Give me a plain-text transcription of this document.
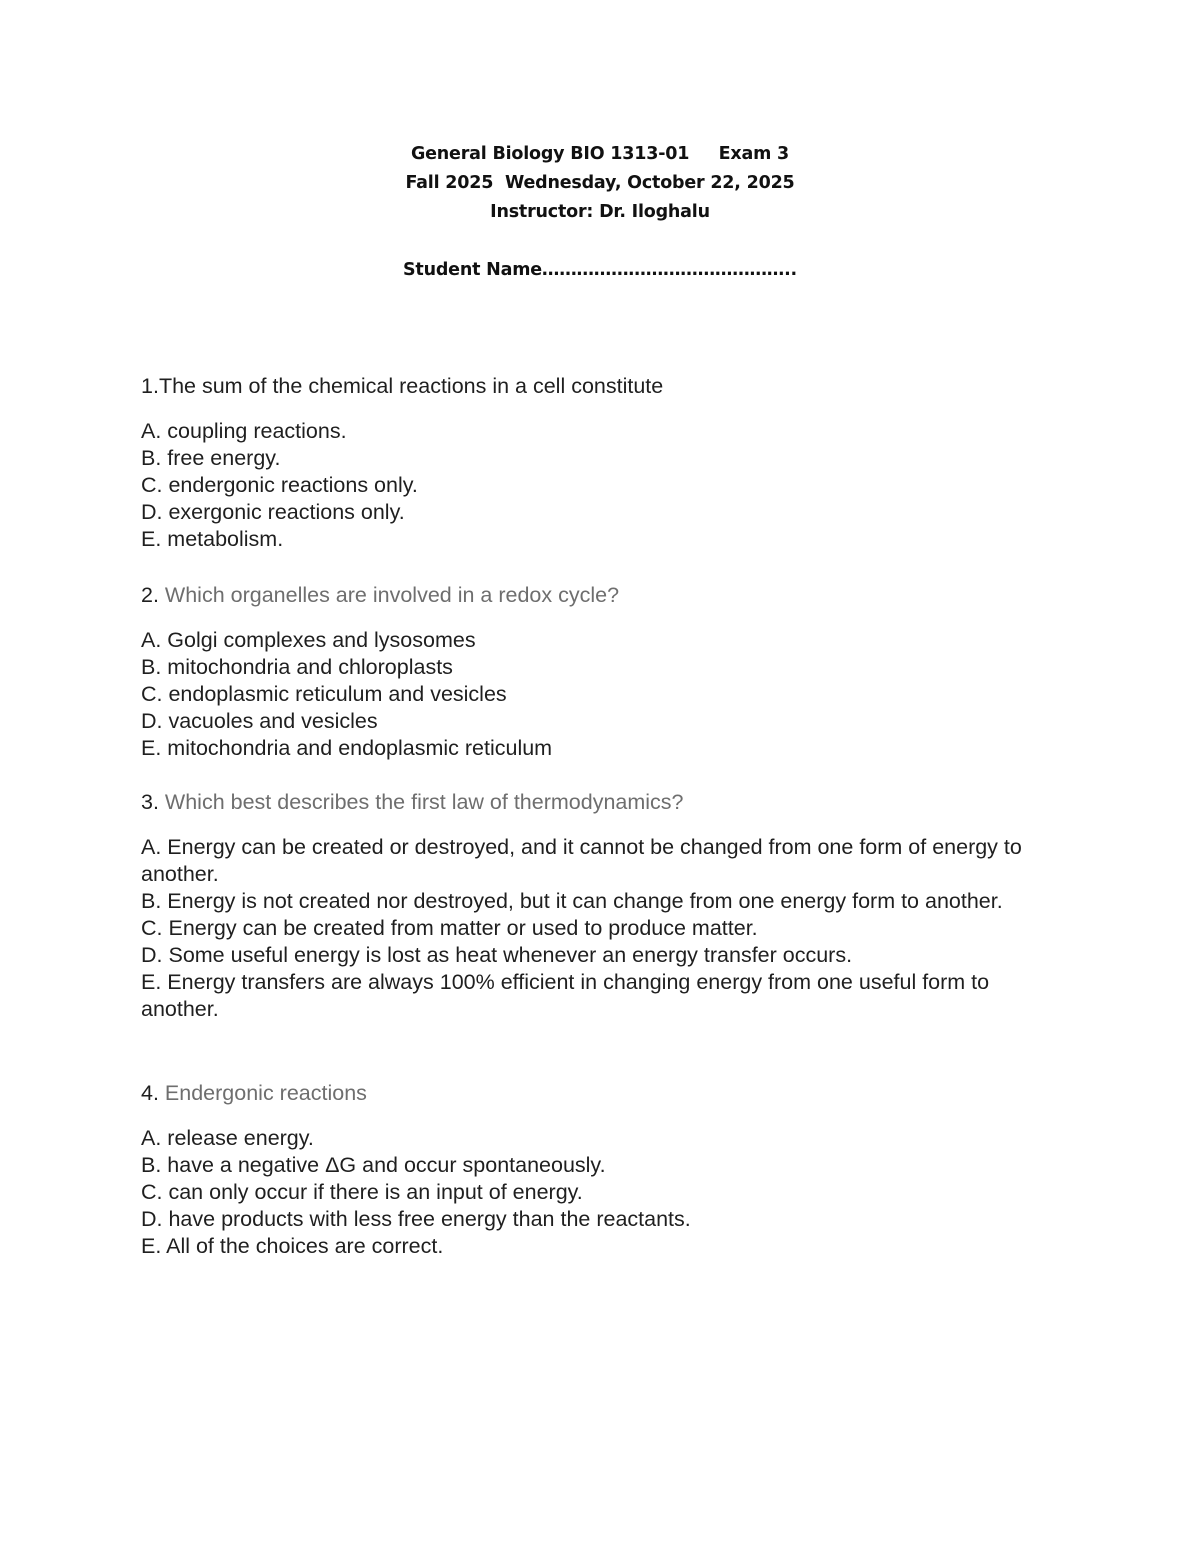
General Biology BIO 1313-01     Exam 3
Fall 2025  Wednesday, October 22, 2025
Instructor: Dr. Iloghalu
Student Name……………………………………..

1.The sum of the chemical reactions in a cell constitute

A. coupling reactions.

B. free energy.

C. endergonic reactions only.

D. exergonic reactions only.

E. metabolism.

2. Which organelles are involved in a redox cycle?

A. Golgi complexes and lysosomes

B. mitochondria and chloroplasts

C. endoplasmic reticulum and vesicles

D. vacuoles and vesicles

E. mitochondria and endoplasmic reticulum

3. Which best describes the first law of thermodynamics?

A. Energy can be created or destroyed, and it cannot be changed from one form of energy to another.

B. Energy is not created nor destroyed, but it can change from one energy form to another.

C. Energy can be created from matter or used to produce matter.

D. Some useful energy is lost as heat whenever an energy transfer occurs.

E. Energy transfers are always 100% efficient in changing energy from one useful form to another.

4. Endergonic reactions

A. release energy.

B. have a negative ΔG and occur spontaneously.

C. can only occur if there is an input of energy.

D. have products with less free energy than the reactants.

E. All of the choices are correct.
